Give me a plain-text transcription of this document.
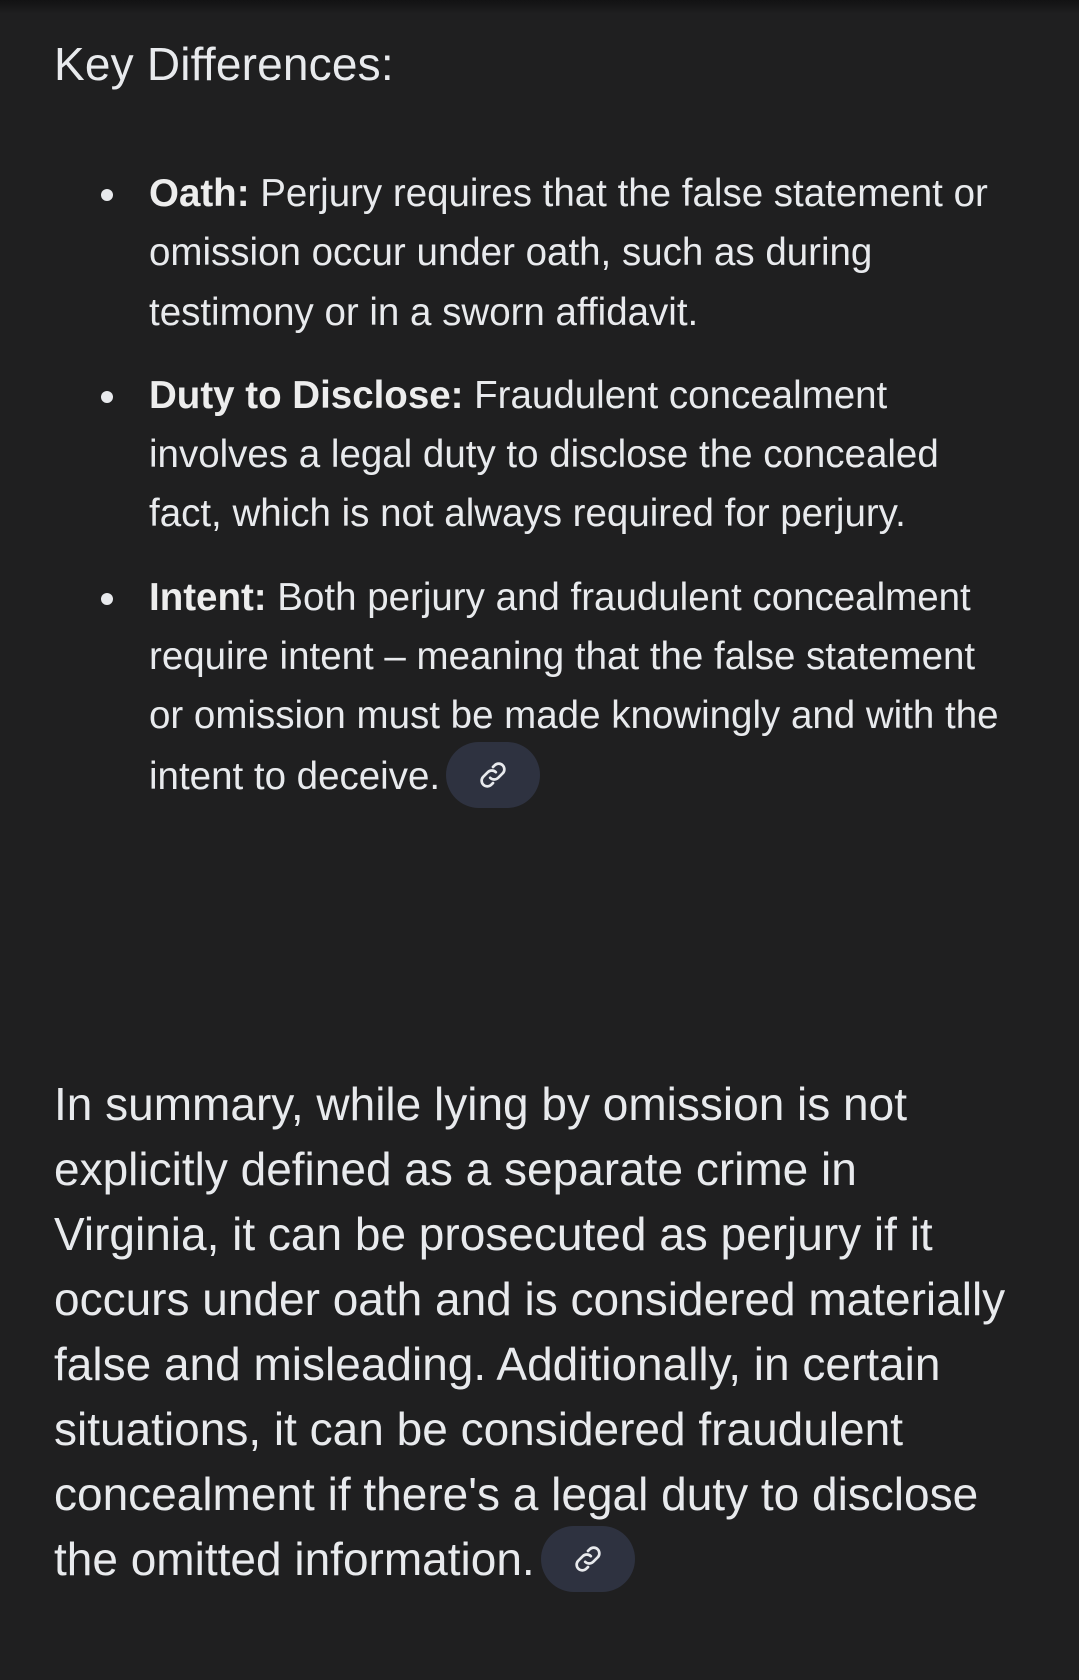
Key Differences:
Oath: Perjury requires that the false statement or omission occur under oath, such as during testimony or in a sworn affidavit.
Duty to Disclose: Fraudulent concealment involves a legal duty to disclose the concealed fact, which is not always required for perjury.
Intent: Both perjury and fraudulent concealment require intent – meaning that the false statement or omission must be made knowingly and with the intent to deceive.

In summary, while lying by omission is not explicitly defined as a separate crime in Virginia, it can be prosecuted as perjury if it occurs under oath and is considered materially false and misleading. Additionally, in certain situations, it can be considered fraudulent concealment if there's a legal duty to disclose the omitted information.
